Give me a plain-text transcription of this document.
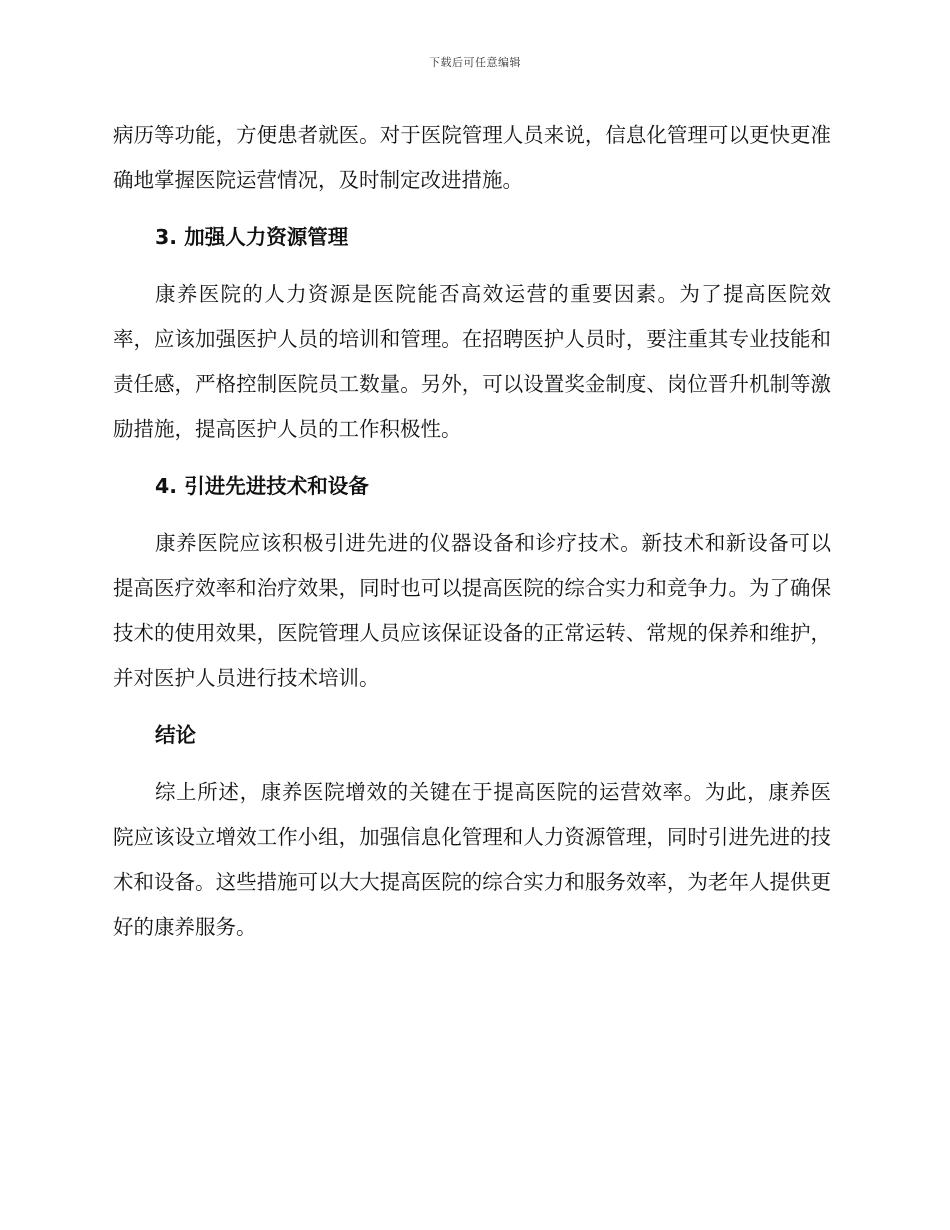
下载后可任意编辑

病历等功能，方便患者就医。对于医院管理人员来说，信息化管理可以更快更准确地掌握医院运营情况，及时制定改进措施。

3. 加强人力资源管理

康养医院的人力资源是医院能否高效运营的重要因素。为了提高医院效率，应该加强医护人员的培训和管理。在招聘医护人员时，要注重其专业技能和责任感，严格控制医院员工数量。另外，可以设置奖金制度、岗位晋升机制等激励措施，提高医护人员的工作积极性。

4. 引进先进技术和设备

康养医院应该积极引进先进的仪器设备和诊疗技术。新技术和新设备可以提高医疗效率和治疗效果，同时也可以提高医院的综合实力和竞争力。为了确保技术的使用效果，医院管理人员应该保证设备的正常运转、常规的保养和维护，并对医护人员进行技术培训。

结论

综上所述，康养医院增效的关键在于提高医院的运营效率。为此，康养医院应该设立增效工作小组，加强信息化管理和人力资源管理，同时引进先进的技术和设备。这些措施可以大大提高医院的综合实力和服务效率，为老年人提供更好的康养服务。
